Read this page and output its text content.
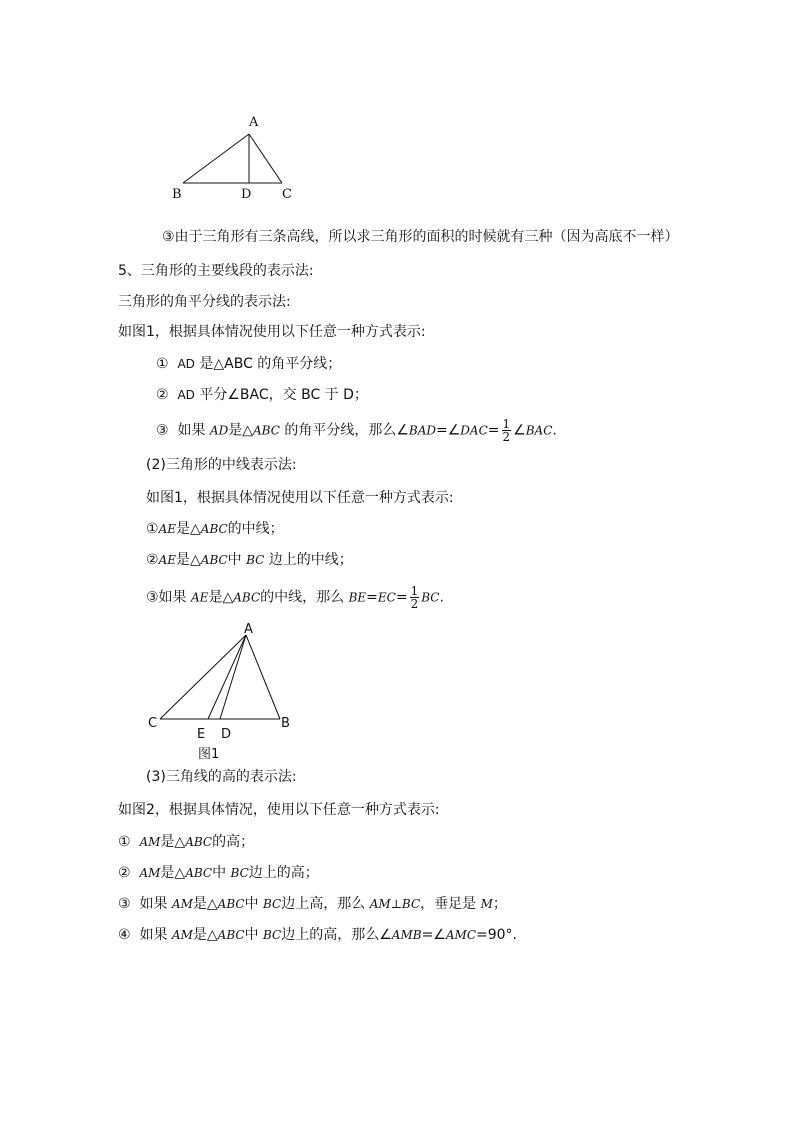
A
B	D C
③由于三角形有三条高线，所以求三角形的面积的时候就有三种（因为高底不一样）
5、三角形的主要线段的表示法:
三角形的角平分线的表示法:
如图1，根据具体情况使用以下任意一种方式表示:
① AD 是△ABC 的角平分线；
② AD 平分∠BAC，交 BC 于 D；
③ 如果 AD是△ABC 的角平分线，那么∠BAD=∠DAC= $\frac{1}{2}$ ∠BAC.
(2)三角形的中线表示法:
如图1，根据具体情况使用以下任意一种方式表示:
①AE是△ABC的中线；
②AE是△ABC中 BC 边上的中线；
③如果 AE是△ABC的中线，那么 $BE=EC= \frac{1}{2}$ BC.
A
C	B
E D
图1
(3)三角线的高的表示法:
如图2，根据具体情况，使用以下任意一种方式表示:
① AM是△ABC的高；
② AM是△ABC中 BC边上的高；
③ 如果 AM是△ABC中 BC边上高，那么 AM⊥BC，垂足是 M；
④ 如果 AM是△ABC中 BC边上的高，那么∠AMB=∠AMC=90°.
